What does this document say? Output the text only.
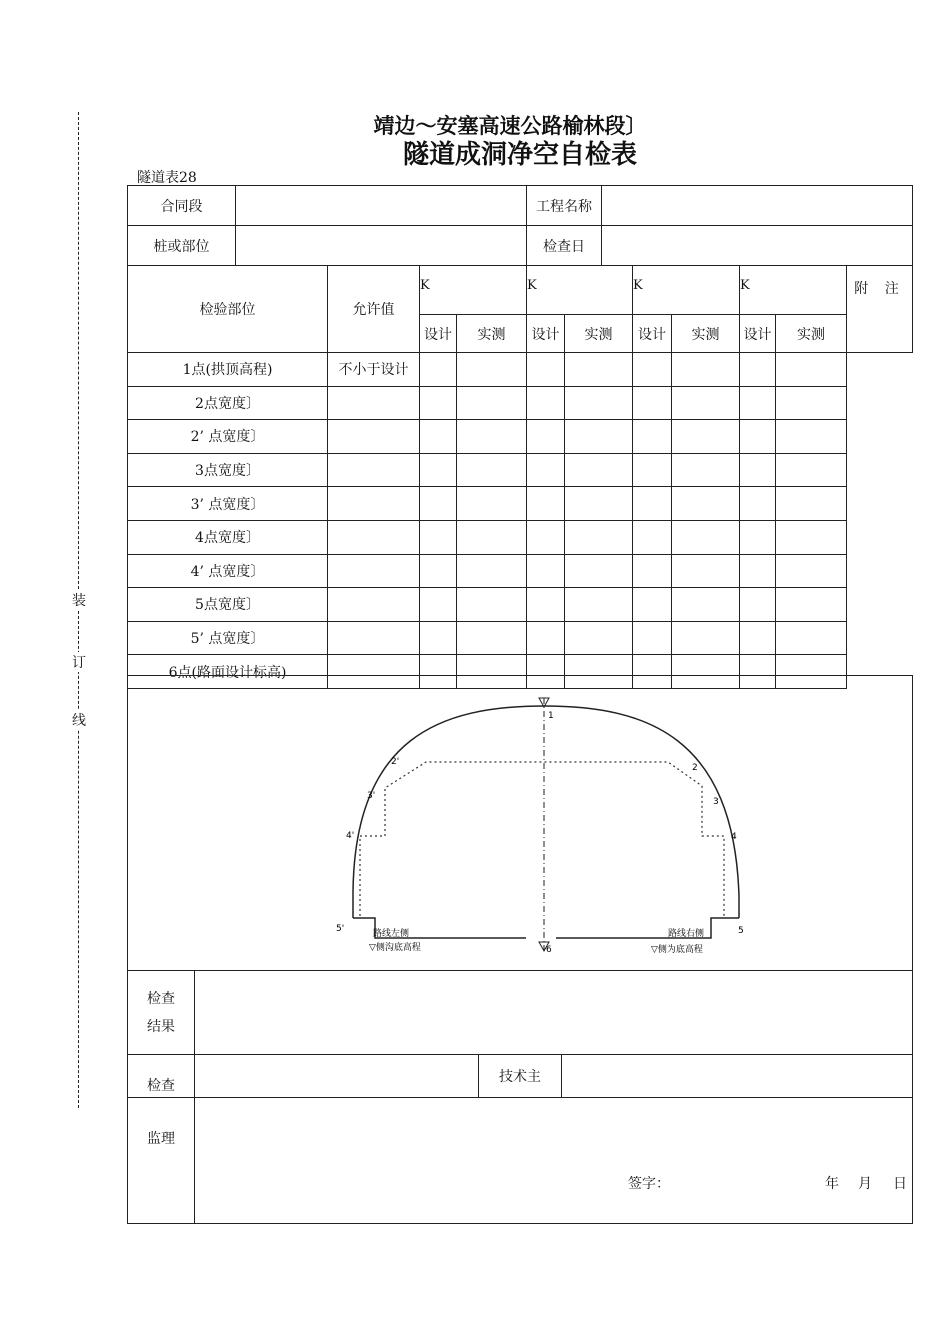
装
订
线
靖边～安塞高速公路榆林段〕
隧道成洞净空自检表
隧道表28
合同段		工程名称	
桩或部位		检查日	
检验部位	允许值	K		K		K		K		附 注
		设计	实测	设计	实测	设计	实测	设计	实测	
1点(拱顶高程)	不小于设计									
2点宽度〕										
2’ 点宽度〕										
3点宽度〕										
3’ 点宽度〕										
4点宽度〕										
4’ 点宽度〕										
5点宽度〕										
5’ 点宽度〕										
6点(路面设计标高)										
1
2
2'
3
3'
4
4'
5
5'
6
路线左侧
▽侧沟底高程
路线右侧
▽侧为底高程
检查
结果			
检查		技术主	
监理			
签字：	年 月 日
